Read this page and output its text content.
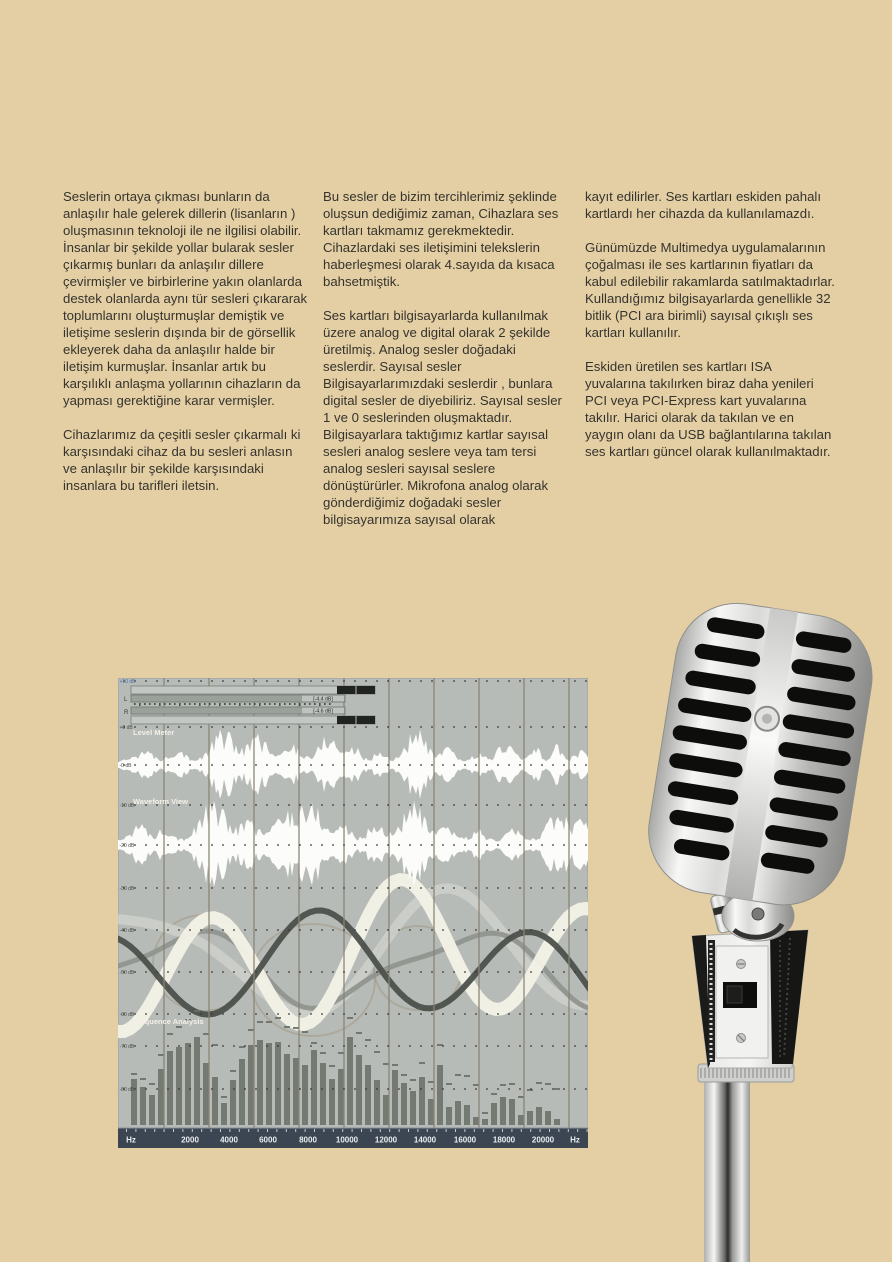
Seslerin ortaya çıkması bunların da anlaşılır hale gelerek dillerin (lisanların ) oluşmasının teknoloji ile ne ilgilisi olabilir. İnsanlar bir şekilde yollar bularak sesler çıkarmış bunları da anlaşılır dillere çevirmişler ve birbirlerine yakın olanlarda destek olanlarda aynı tür sesleri çıkararak toplumlarını oluşturmuşlar demiştik ve iletişime seslerin dışında bir de görsellik ekleyerek daha da anlaşılır halde bir iletişim kurmuşlar. İnsanlar artık bu karşılıklı anlaşma yollarının cihazların da yapması gerektiğine karar vermişler.

Cihazlarımız da çeşitli sesler çıkarmalı ki karşısındaki cihaz da bu sesleri anlasın ve anlaşılır bir şekilde karşısındaki insanlara bu tarifleri iletsin.

Bu sesler de bizim tercihlerimiz şeklinde oluşsun dediğimiz zaman, Cihazlara ses kartları takmamız gerekmektedir. Cihazlardaki ses iletişimini telekslerin haberleşmesi olarak 4.sayıda da kısaca bahsetmiştik.

Ses kartları bilgisayarlarda kullanılmak üzere analog ve digital olarak 2 şekilde üretilmiş. Analog sesler doğadaki seslerdir. Sayısal sesler Bilgisayarlarımızdaki seslerdir , bunlara digital sesler de diyebiliriz. Sayısal sesler 1 ve 0 seslerinden oluşmaktadır. Bilgisayarlara taktığımız kartlar sayısal sesleri analog seslere veya tam tersi analog sesleri sayısal seslere dönüştürürler. Mikrofona analog olarak gönderdiğimiz doğadaki sesler bilgisayarımıza sayısal olarak

kayıt edilirler. Ses kartları eskiden pahalı kartlardı her cihazda da kullanılamazdı.

Günümüzde Multimedya uygulamalarının çoğalması ile ses kartlarının fiyatları da kabul edilebilir rakamlarda satılmaktadırlar. Kullandığımız bilgisayarlarda genellikle 32 bitlik (PCI ara birimli) sayısal çıkışlı ses kartları kullanılır.

Eskiden üretilen ses kartları ISA yuvalarına takılırken biraz daha yenileri PCI veya PCI-Express kart yuvalarına takılır. Harici olarak da takılan ve en yaygın olanı da USB bağlantılarına takılan ses kartları güncel olarak kullanılmaktadır.

+10 dB
+0 dB
-0 dB
-10 dB
-20 dB
-30 dB
-40 dB
-50 dB
-60 dB
-70 dB
-80 dB
[-4.4 dB]
[-4.6 dB]
L
R
Level Meter
Waveform View
Frequence Analysis
Hz	2000	4000	6000	8000 10000 12000 14000 16000 18000 20000 Hz
